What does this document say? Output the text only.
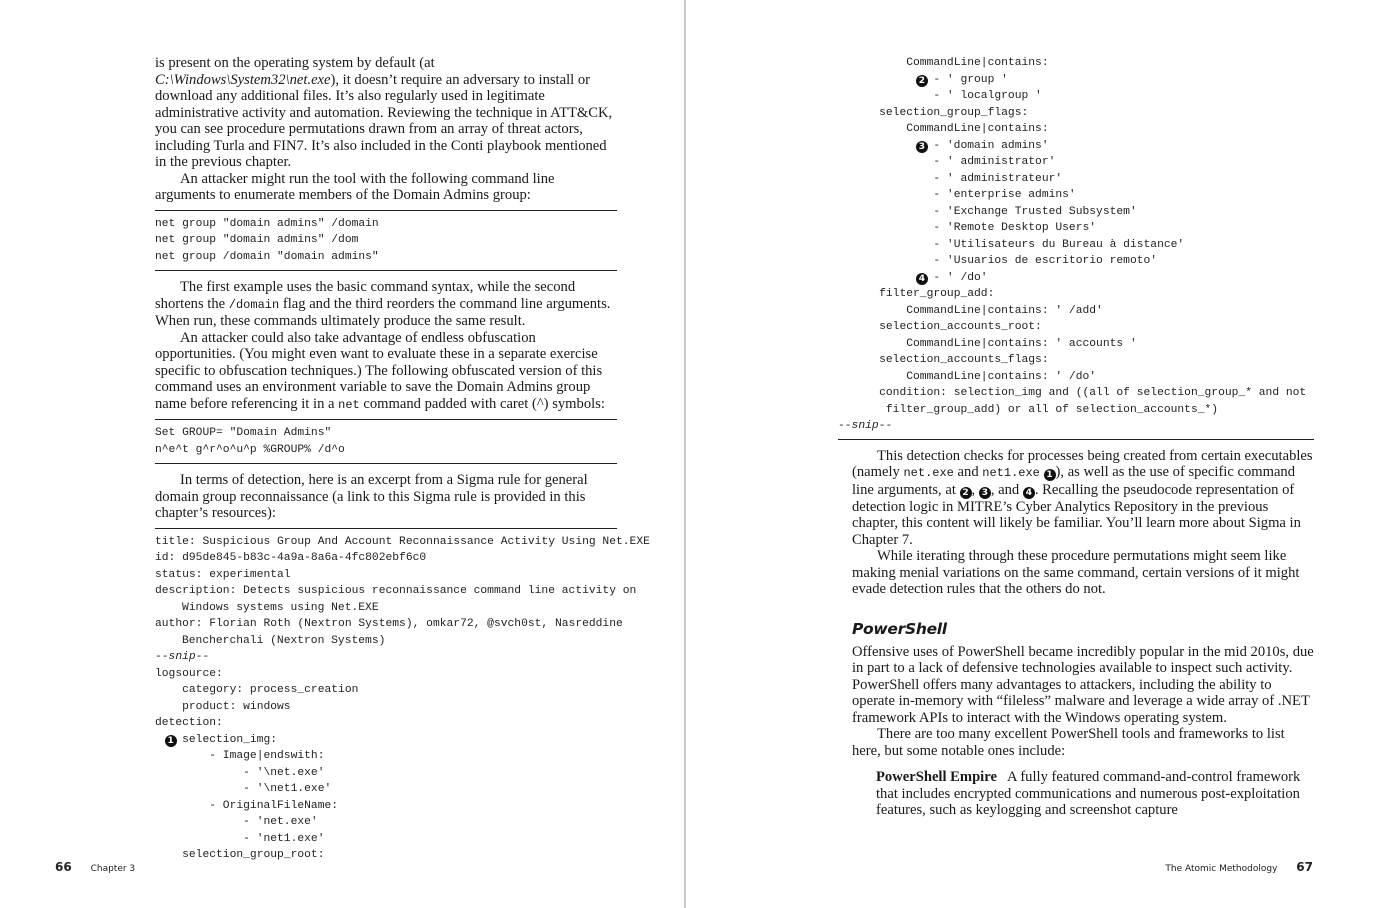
is present on the operating system by default (at C:\Windows\System32\net.exe), it doesn’t require an adversary to install or download any additional files. It’s also regularly used in legitimate administrative activity and automation. Reviewing the technique in ATT&CK, you can see procedure permutations drawn from an array of threat actors, including Turla and FIN7. It’s also included in the Conti playbook mentioned in the previous chapter.

An attacker might run the tool with the following command line arguments to enumerate members of the Domain Admins group:

net group "domain admins" /domain
net group "domain admins" /dom
net group /domain "domain admins"

The first example uses the basic command syntax, while the second shortens the /domain flag and the third reorders the command line arguments. When run, these commands ultimately produce the same result.

An attacker could also take advantage of endless obfuscation opportunities. (You might even want to evaluate these in a separate exercise specific to obfuscation techniques.) The following obfuscated version of this command uses an environment variable to save the Domain Admins group name before referencing it in a net command padded with caret (^) symbols:

Set GROUP= "Domain Admins"
n^e^t g^r^o^u^p %GROUP% /d^o

In terms of detection, here is an excerpt from a Sigma rule for general domain group reconnaissance (a link to this Sigma rule is provided in this chapter’s resources):

title: Suspicious Group And Account Reconnaissance Activity Using Net.EXE
id: d95de845-b83c-4a9a-8a6a-4fc802ebf6c0
status: experimental
description: Detects suspicious reconnaissance command line activity on
Windows systems using Net.EXE
author: Florian Roth (Nextron Systems), omkar72, @svch0st, Nasreddine
Bencherchali (Nextron Systems)
--snip--
logsource:
category: process_creation
product: windows
detection:
1 selection_img:
- Image|endswith:
- '\net.exe'
- '\net1.exe'
- OriginalFileName:
- 'net.exe'
- 'net1.exe'
selection_group_root:
66 Chapter 3
CommandLine|contains:
2 - ' group '
- ' localgroup '
selection_group_flags:
CommandLine|contains:
3 - 'domain admins'
- ' administrator'
- ' administrateur'
- 'enterprise admins'
- 'Exchange Trusted Subsystem'
- 'Remote Desktop Users'
- 'Utilisateurs du Bureau à distance'
- 'Usuarios de escritorio remoto'
4 - ' /do'
filter_group_add:
CommandLine|contains: ' /add'
selection_accounts_root:
CommandLine|contains: ' accounts '
selection_accounts_flags:
CommandLine|contains: ' /do'
condition: selection_img and ((all of selection_group_* and not
filter_group_add) or all of selection_accounts_*)
--snip--

This detection checks for processes being created from certain executables (namely net.exe and net1.exe 1 ), as well as the use of specific command line arguments, at 2 , 3 , and 4 . Recalling the pseudocode representation of detection logic in MITRE’s Cyber Analytics Repository in the previous chapter, this content will likely be familiar. You’ll learn more about Sigma in Chapter 7.

While iterating through these procedure permutations might seem like making menial variations on the same command, certain versions of it might evade detection rules that the others do not.

PowerShell

Offensive uses of PowerShell became incredibly popular in the mid 2010s, due in part to a lack of defensive technologies available to inspect such activity. PowerShell offers many advantages to attackers, including the ability to operate in-memory with “fileless” malware and leverage a wide array of .NET framework APIs to interact with the Windows operating system.

There are too many excellent PowerShell tools and frameworks to list here, but some notable ones include:

PowerShell Empire A fully featured command-and-control framework that includes encrypted communications and numerous post-exploitation features, such as keylogging and screenshot capture

The Atomic Methodology 67
